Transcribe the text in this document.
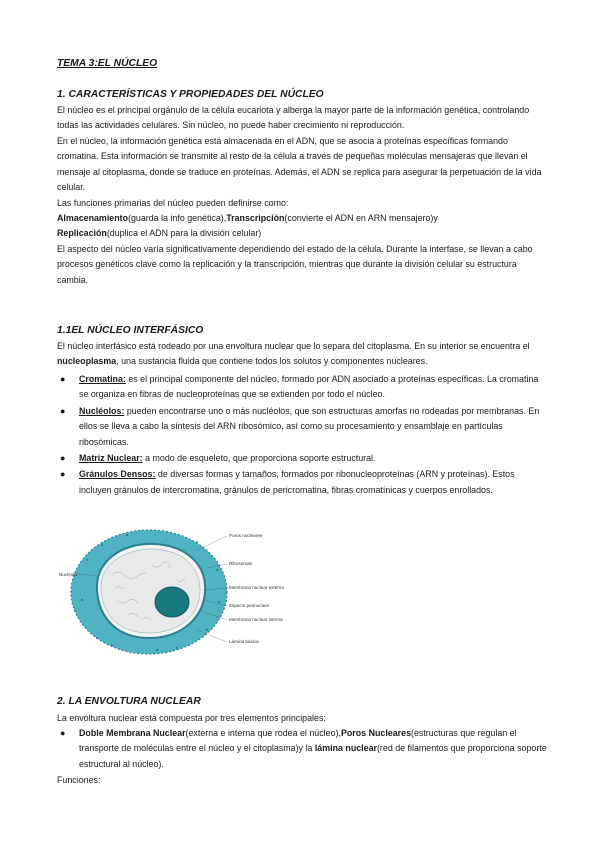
TEMA 3:EL NÚCLEO
1. CARACTERÍSTICAS Y PROPIEDADES DEL NÚCLEO
El núcleo es el principal orgánulo de la célula eucariota y alberga la mayor parte de la información genética, controlando todas las actividades celulares. Sin núcleo, no puede haber crecimiento ni reproducción.
En el núcleo, la información genética está almacenada en el ADN, que se asocia a proteínas específicas formando cromatina. Esta información se transmite al resto de la célula a través de pequeñas moléculas mensajeras que llevan el mensaje al citoplasma, donde se traduce en proteínas. Además, el ADN se replica para asegurar la perpetuación de la vida celular.
Las funciones primarias del núcleo pueden definirse como:
Almacenamiento(guarda la info genética),Transcripción(convierte el ADN en ARN mensajero)y
Replicación(duplica el ADN para la división celular)
El aspecto del núcleo varía significativamente dependiendo del estado de la célula. Durante la interfase, se llevan a cabo procesos genéticos clave como la replicación y la transcripción, mientras que durante la división celular su estructura cambia.
1.1EL NÚCLEO INTERFÁSICO
El núcleo interfásico está rodeado por una envoltura nuclear que lo separa del citoplasma. En su interior se encuentra el nucleoplasma, una sustancia fluida que contiene todos los solutos y componentes nucleares.
● Cromatina: es el principal componente del núcleo, formado por ADN asociado a proteínas específicas. La cromatina se organiza en fibras de nucleoproteínas que se extienden por todo el núcleo.
● Nucléolos: pueden encontrarse uno o más nucléolos, que son estructuras amorfas no rodeadas por membranas. En ellos se lleva a cabo la síntesis del ARN ribosómico, así como su procesamiento y ensamblaje en partículas ribosómicas.
● Matriz Nuclear: a modo de esqueleto, que proporciona soporte estructural.
● Gránulos Densos: de diversas formas y tamaños, formados por ribonucleoproteínas (ARN y proteínas). Estos incluyen gránulos de intercromatina, gránulos de pericromatina, fibras cromatínicas y cuerpos enrollados.
Poros nucleares
Nucléolo
Ribosomas
Membrana nuclear externa
Espacio perinuclear
Membrana nuclear interna
Lámina básica
2. LA ENVOLTURA NUCLEAR
La envoltura nuclear está compuesta por tres elementos principales:
● Doble Membrana Nuclear(externa e interna que rodea el núcleo),Poros Nucleares(estructuras que regulan el transporte de moléculas entre el núcleo y el citoplasma)y la lámina nuclear(red de filamentos que proporciona soporte estructural al núcleo).
Funciones:
